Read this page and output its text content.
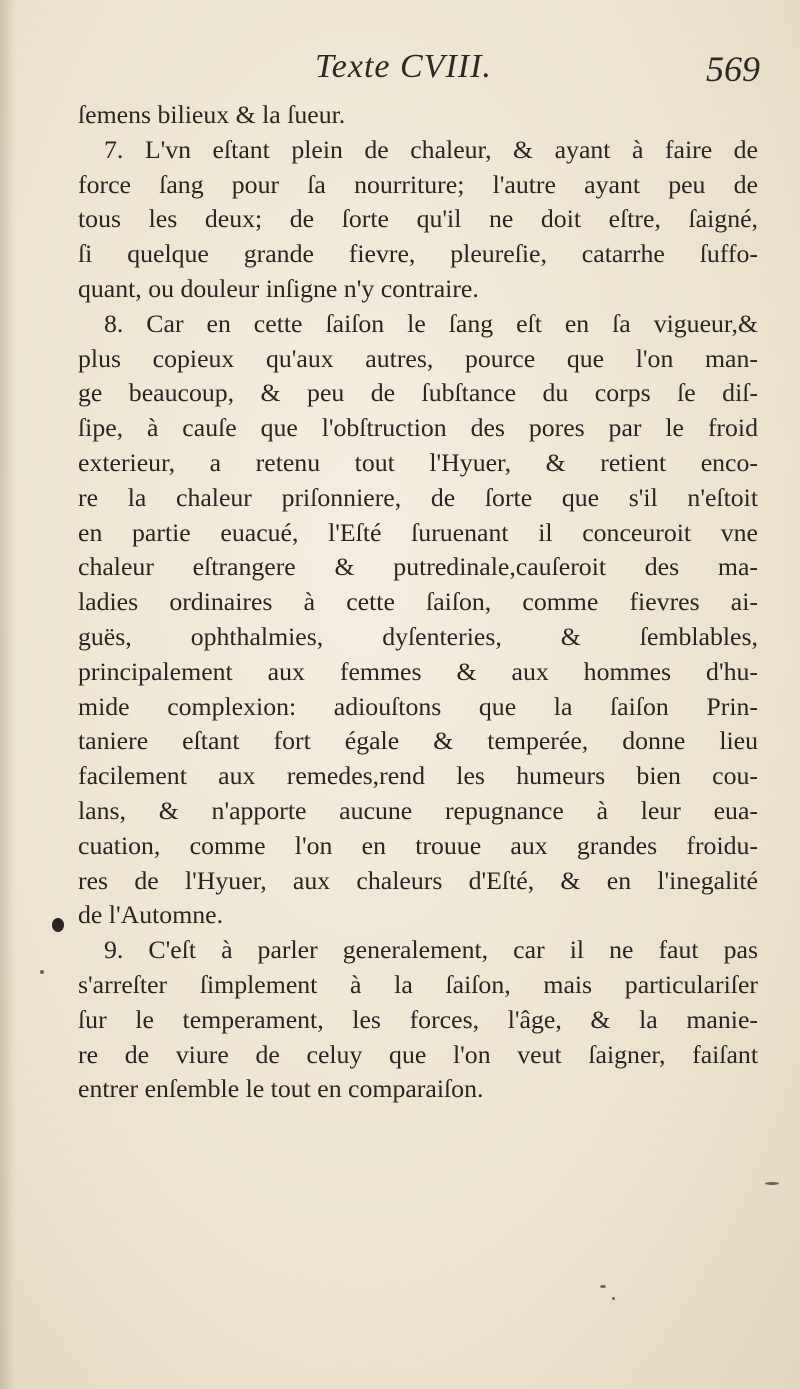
Texte CVIII.	569
ſemens bilieux & la ſueur.
7. L'vn eſtant plein de chaleur, & ayant à faire de
force ſang pour ſa nourriture; l'autre ayant peu de
tous les deux; de ſorte qu'il ne doit eſtre, ſaigné,
ſi quelque grande fievre, pleureſie, catarrhe ſuffo-
quant, ou douleur inſigne n'y contraire.
8. Car en cette ſaiſon le ſang eſt en ſa vigueur,&
plus copieux qu'aux autres, pource que l'on man-
ge beaucoup, & peu de ſubſtance du corps ſe diſ-
ſipe, à cauſe que l'obſtruction des pores par le froid
exterieur, a retenu tout l'Hyuer, & retient enco-
re la chaleur priſonniere, de ſorte que s'il n'eſtoit
en partie euacué, l'Eſté ſuruenant il conceuroit vne
chaleur eſtrangere & putredinale,cauſeroit des ma-
ladies ordinaires à cette ſaiſon, comme fievres ai-
guës, ophthalmies, dyſenteries, & ſemblables,
principalement aux femmes & aux hommes d'hu-
mide complexion: adiouſtons que la ſaiſon Prin-
taniere eſtant fort égale & temperée, donne lieu
facilement aux remedes,rend les humeurs bien cou-
lans, & n'apporte aucune repugnance à leur eua-
cuation, comme l'on en trouue aux grandes froidu-
res de l'Hyuer, aux chaleurs d'Eſté, & en l'inegalité
de l'Automne.
9. C'eſt à parler generalement, car il ne faut pas
s'arreſter ſimplement à la ſaiſon, mais particulariſer
ſur le temperament, les forces, l'âge, & la manie-
re de viure de celuy que l'on veut ſaigner, faiſant
entrer enſemble le tout en comparaiſon.
